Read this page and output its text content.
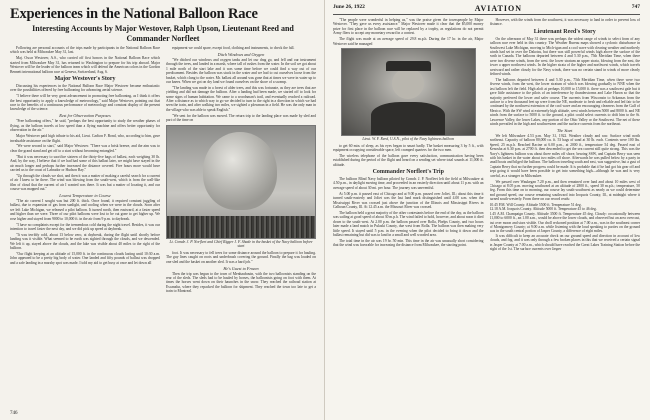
Experiences in the National Balloon Race
Interesting Accounts by Major Westover, Ralph Upson, Lieutenant Reed and Commander Norfleet

Following are personal accounts of the trips made by participants in the National Balloon Race which was held at Milwaukee May 31, last.

Maj. Oscar Westover, A.S., who carried off first honors in the National Balloon Race which started from Milwaukee May 31, has returned to Washington to prepare for his trip abroad. Major Westover will be the leader of the balloon team which will defend the American colors in the Gordon Bennett international balloon race at Geneva, Switzerland, Aug. 6.

Major Westover's Story

Discussing his experiences in the National Balloon Race Major Westover became enthusiastic over the possibilities offered by free ballooning for advancing aerial science.

"I believe there will be very great advancement in promoting free ballooning, as I think it offers the best opportunity to apply a knowledge of meteorology," said Major Westover, pointing out that race to the benefits of a continuous performance of meteorology and constant display of the present knowledge of the science.

Rest for Observation Purposes

"Free ballooning offers," he said, "perhaps the best opportunity to study the weather phases of flying, as the balloon travels at low speed than a flying machine and offers better opportunity for observation in the air."

Major Westover paid high tribute to his aid, Lieut. Carlton F. Bond, who, according to him, gave invaluable assistance on the flight.

"We were second to start," said Major Westover. "There was a brisk breeze, and the aim was to clear the grand stand and get off to a start without becoming entangled."

"But it was necessary to sacrifice sixteen of the thirty-five bags of ballast, each weighing 30 lb. And, by the way, I believe that if we had had some of this ballast later, we might have stayed in the air much longer and perhaps further increased the distance covered. Five hours more would have carried us to the coast of Labrador or Hudson Bay."

"Up through the clouds we shot, and then it was a matter of making a careful search for a current of air I knew to be there. The wind was blowing from the south-west, which is from the wall-like film of cloud that the current of air I wanted was there. It was but a matter of locating it, and our course was mapped out."

Lowest Temperature in Course

"The air current I sought was but 200 ft. thick. Once found, it required constant juggling of ballast, due to expansion of gas from sunlight, and cooling when we were in the clouds. Soon after we left Lake Michigan, we released a pilot balloon. It turned north, then eastward, at a faster speed and higher than we were. Three of our pilot balloons were lost to be cut gone to get higher up. We rose higher and stayed from 9000 to 10,000 ft. in the air from 9 p.m. to daybreak.

"I have no complaints except for the tremendous cold during the night travel. Besides, it was our intention to travel faster the next day, and we did pick up speed at daybreak.

"It was terribly cold, about 13 below zero, at daybreak, during the flight until shortly before landing was it visible. What seemed to be earth was sighted through the clouds, and we descended. We left it up, stayed above the clouds, and the lake was visible about 40 miles to the right of the balloon.

"Our flight keeping at an altitude of 15,000 ft. in the continuous clouds lasting until 10:30 a.m. John appeared to be a pretty big body of water. One landed and fifty pounds of ballast was dropped and a safe landing in a marshy spot was made. I told my aid to get busy at once and let down all

equipment we could spare, except food, clothing and instruments, to check the fall.

Ditch Windows and Oxygen

"We ditched our windows and oxygen tanks and let our drag go, and fell and our instrument through the trees, and landed in a marsh, where tall of rushes from the water. In the soil we got about 1 mile north of the start lake and it was some time before we could find a way out of our predicament. Besides the balloon was stuck in the water and we had to cut ourselves loose from the basket, which clung to the water. Mr. ballast all around was gone that at times we were in water up to our knees. When we got on dry land we found ourselves on the shore of a swamp.

"The landing was made in a forest of alder trees, and this was fortunate, as they are trees that are yielding and did not damage the balloon. After a landing had been made, we started off to look for some signs of human habitation. We came to a woodsman's trail, and eventually reached a railroad. After a distance as to which way to go we decided to turn to the right in a direction in which we had seen the train, and after walking two miles, we sighted a plowman in a field. He was the only man in the village who was able to speak English."

"We sent for the balloon was moved. The return trip to the landing place was made by sled and part of the time on

Lt. Comdr. J. P. Norfleet and Chief Rigger J. F. Shade in the basket of the Navy balloon before start

foot. It was necessary to fell trees for some distance around the balloon to prepare it for hauling. The guy lines caught on roots and underbrush covering the ground. Finally the bag was loaded on one sled and the basket on another sled. It was a hard job."

He's Guest to Frozen

Then the trip was begun to the town of Menhaubouin, with the two balloonists standing on the rear of the sleds. The sleds had to be hauled by horses, the balloonists going on foot with them. At times the horses went down on their haunches in the snow. They reached the railroad station at Escanaba, where they repacked the balloon for shipment. They reached the town too late to get a train to Montreal.

746
June 26, 1922	AVIATION	747

"The people were wonderful in helping us," was the praise given the townspeople by Major Westover. "They gave us every assistance." Major Westover made it clear that the $5,000 money prize for first place in the balloon race will be replaced by a trophy, as regulations do not permit Army fliers to accept any monetary reward in a contest.

The flight was made at an average speed of 29.8 m.p.h. During the 17 hr. in the air, Major Westover said he managed

Lieut. W. F. Reed, U.S.N., pilot of the Navy lightness balloon

to get 60 min. of sleep, as his eyes began to smart badly. The basket measuring 3 by 5 ft., with equipment occupying considerable space, left cramped quarters for the two men.

The wireless telephone of the balloon gave every satisfaction, communication having been established during the period of the flight and heard on a sending set where total sounds at 11,000 ft. altitude.

Commander Norfleet's Trip

The balloon Blind Navy balloon piloted by Comdr. J. P. Norfleet left the field at Milwaukee at 4.50 p.m., in daylight moving time, and proceeded in an easterly direction until about 11 p.m. with an average speed of about 30 mi. per hour. The journey was uneventful.

At 5.00 p.m. it passed east of Chicago and at 9.00 p.m. passed over Joliet, Ill.; about this time it turned south-easterly and Joliet was the last land mark distinguished until 4.00 a.m. when the Mississippi River was crossed just above the junction of the Illinois and Mississippi Rivers in Calhoun County, Ill. At 12.45 a.m. the Missouri River was crossed.

The balloon held a great majority of the other contestants before the end of the day, as the balloon was sailing at good speed of about 30 m.p.h. The wind failed to hold, however, and about noon it died down to the south-west. At 2.00 p.m. the balloon passed over Rolla, Phelps County, and two hours later made a land match in Pulaski County, due west from Rolla. The balloon was then making very little speed. It stayed until 5 p.m. in the evening when the pilot decided to bring it down and the ballast remaining but did was to land in a small and well wooded area.

The total time in the air was 19 hr. 50 min. This time in the air was unusually short considering that the wind was favorable for increasing the distance from Milwaukee, the starting point.

However, with the winds from the southwest, it was necessary to land in order to prevent loss of distance.

Lieutenant Reed's Story

On the afternoon of May 31 there was perhaps the widest range of winds to select from of any balloon race ever held in this country. The Weather Bureau maps showed a cyclonic disturbance in Southwest Lake Michigan, moving to Mich-igan and a cool wave with clearing weather and northerly winds had set in over the Dakotas, but there was still powerful winds high above the surface of the earth in Canada. The balloons departed between 4 and 5.30 p.m., 75th Meridian Time, when there were two diverse winds, from the west. the lower stratum an upper strata, blowing from the east, the lower a upper northwest winds. In the higher strata of the higher and northwest winds, which travels westward and rather cloudy for the Navy winds, there was no certain stand in winds of more clearly defined winds.

The balloons departed between 4 and 5.30 p.m., 75th Meridian Time, when there were two diverse winds, from the west, the lower stratum of which was blowing gradually to NNE when the last balloon left the field. High aloft at perhaps 10,000 to 15,000 ft. there was a southwest gale but it gave little assistance to the pilots of an interference by thunderstorms and Lake Huron so that the majority preferred the lower and safer course. The currents from Wisconsin to Arkansas from the surface to a few thousand feet up were from the NE, moderate to fresh and reliable and led fair to be continued by the northwest extension of the cool wave and an encouraging clearness from the Gulf of Mexico. With the SW wind at extremely high altitude, west winds between 5000 and 8000 ft. and NE winds from the surface to 5000 ft. to the ground, a pilot could select currents to drift him to the St. Lawrence Valley, the lower Lakes, any portion of the Ohio Valley or the Southwest. The net of these winds prevailed in the high and southwestern and the surface currents from the northeast.

The Start

We left Milwaukee 4.53 p.m. May 31, 1922. Weather cloudy and raw. Surface wind north northeast. Capacity of balloon 80,000 cu. ft. 53 bags of sand at 30 lb. each. Contents were 100 lbs. Speed, 25 m.p.h. Reached Racine at 6.00 p.m., at 2000 ft., temperature 54 deg. Passed east of Kenosha at 6.30 p.m. at 2700 ft. then descended to get the sea current still quite strong. This was the Navy's lightness balloon was about three miles off shore, bearing SSW, and Captain Berry was seen with his basket in the water about two miles off shore. Afterwards he was pulled below by a party in small boats and bilged the balloon. The balloon traveling south and east, was suggestive, but a gust of Captain Berry that no further progress could be made. It is probable that if he had got his gear off and kept going it would have been possible to get into something high—although he was and is very careful, as a stranger in Milwaukee.

We passed over Waukegan 7.20 p.m., and then remained over land and about 10 miles west of Chicago at 8.05 p.m. moving southward at an altitude of 2800 ft., speed 30 m.p.h.; temperature, 50 deg. From this time on to morning, our course lay south-southwest as nearly as we could determine and ground speed, our course remaining southward into Iroquois County, Ill., at midnight where it turned south-westerly. From there on our record reads:

10.45 P.M. Will County. Altitude 5500 ft. Temperature 51 deg.
12.18 A.M. Iroquois County. Altitude 5000 ft. Temperature 45 to 46 deg.
1.45 A.M. Champaign County. Altitude 3500 ft. Temperature 45 deg. Cloudy: occasionally between 11,000 to 6000 ft., an 1.00 a.m., would be above the lower clouds, and observed but an area overcast, but over moon and stars visible. Our droll reckoned position at 7.00 a.m., was in the southeast corner of Montgomery County; at 9.00 a.m. while listening with the loud speaking to parties on the ground was in the south central portion of Jasper County, a difference of eight miles.

It was difficult to keep an accurate check on our ground speed and direction in account of low clouds, and fog, and it was only through a few broken places in this that we received a certain signal in Jasper County at 7.00 a.m., which should have reached the Great Lakes Training Station before the night of the 1st. The surface currents over Jasper
